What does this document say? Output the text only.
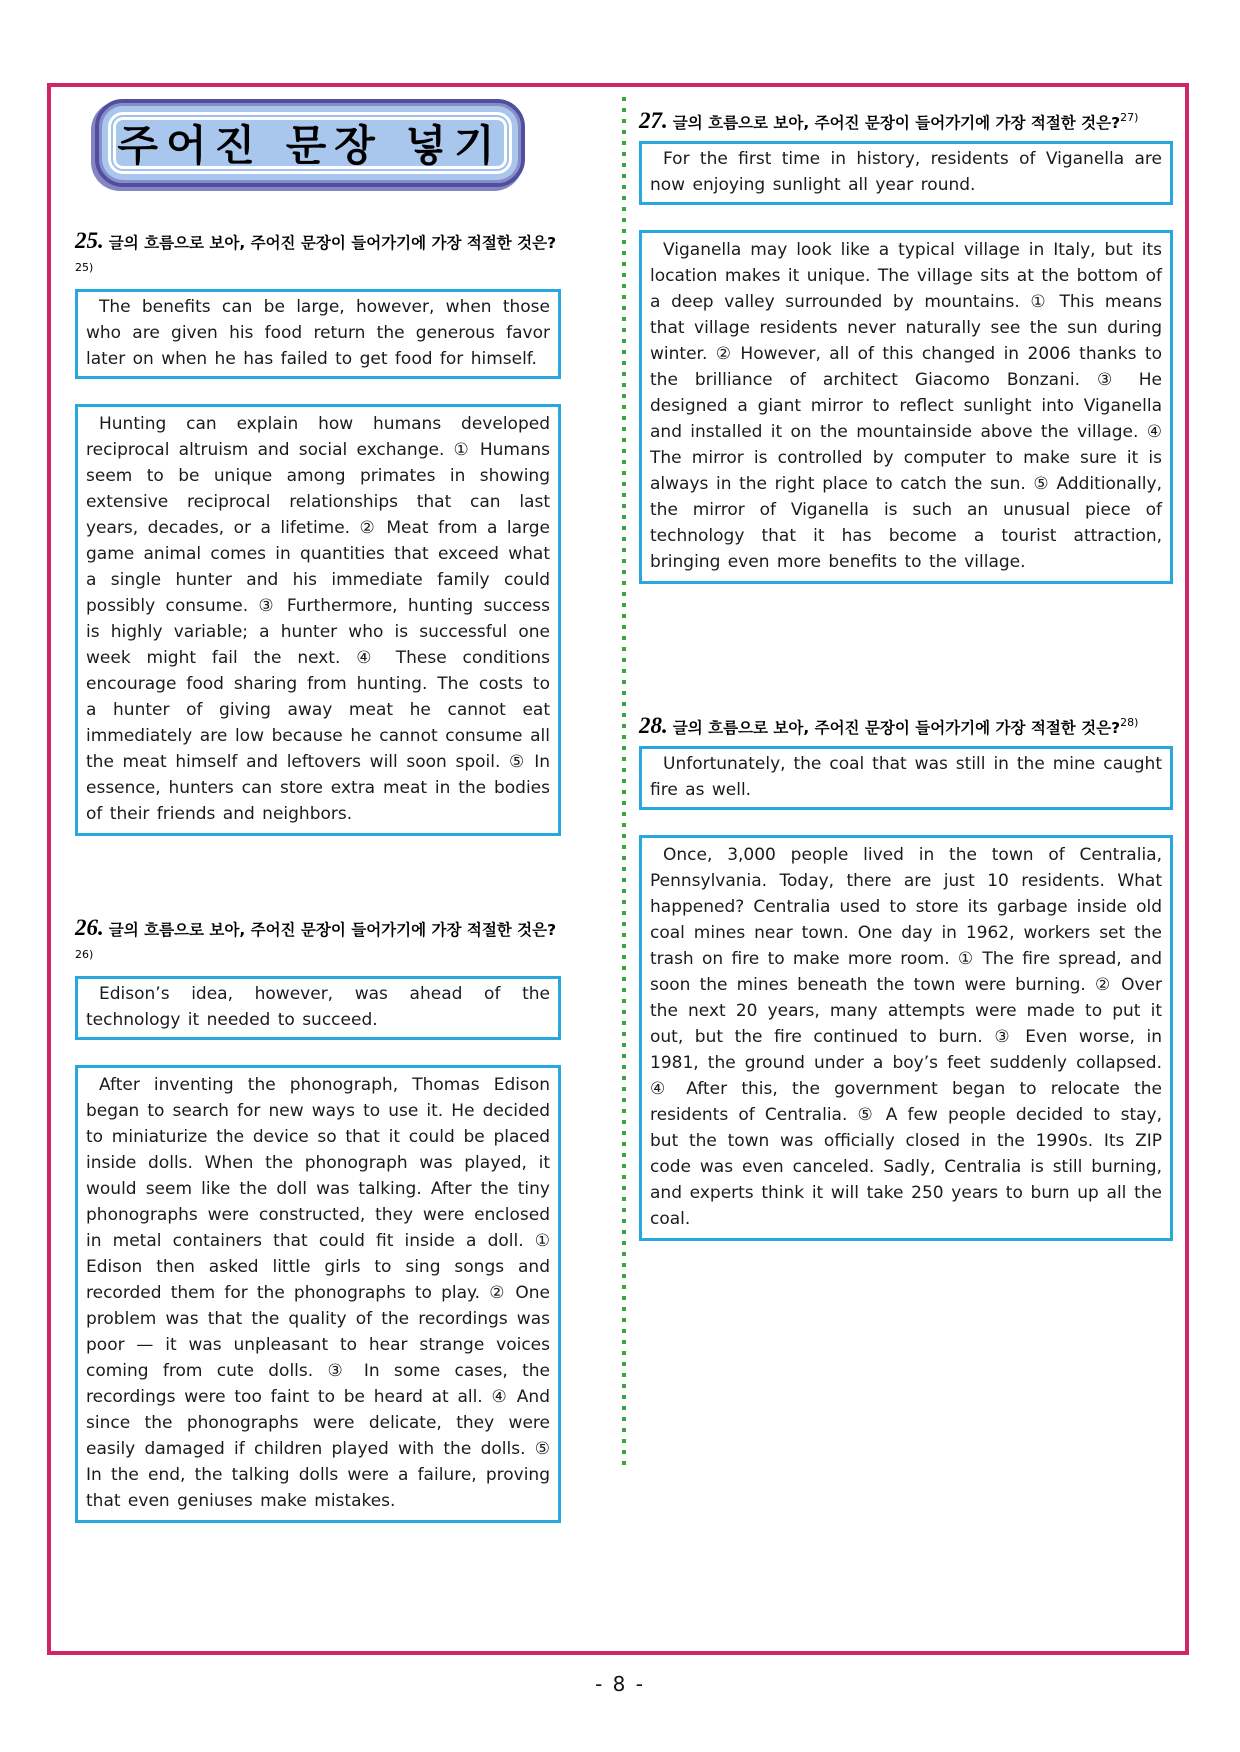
주어진 문장 넣기
25. 글의 흐름으로 보아, 주어진 문장이 들어가기에 가장 적절한 것은?$^{25)}$

The benefits can be large, however, when those who are given his food return the generous favor later on when he has failed to get food for himself.

Hunting can explain how humans developed reciprocal altruism and social exchange. ① Humans seem to be unique among primates in showing extensive reciprocal relationships that can last years, decades, or a lifetime. ② Meat from a large game animal comes in quantities that exceed what a single hunter and his immediate family could possibly consume. ③ Furthermore, hunting success is highly variable; a hunter who is successful one week might fail the next. ④ These conditions encourage food sharing from hunting. The costs to a hunter of giving away meat he cannot eat immediately are low because he cannot consume all the meat himself and leftovers will soon spoil. ⑤ In essence, hunters can store extra meat in the bodies of their friends and neighbors.

26. 글의 흐름으로 보아, 주어진 문장이 들어가기에 가장 적절한 것은?$^{26)}$

Edison’s idea, however, was ahead of the technology it needed to succeed.

After inventing the phonograph, Thomas Edison began to search for new ways to use it. He decided to miniaturize the device so that it could be placed inside dolls. When the phonograph was played, it would seem like the doll was talking. After the tiny phonographs were constructed, they were enclosed in metal containers that could fit inside a doll. ① Edison then asked little girls to sing songs and recorded them for the phonographs to play. ② One problem was that the quality of the recordings was poor — it was unpleasant to hear strange voices coming from cute dolls. ③ In some cases, the recordings were too faint to be heard at all. ④ And since the phonographs were delicate, they were easily damaged if children played with the dolls. ⑤ In the end, the talking dolls were a failure, proving that even geniuses make mistakes.

27. 글의 흐름으로 보아, 주어진 문장이 들어가기에 가장 적절한 것은?$^{27)}$

For the first time in history, residents of Viganella are now enjoying sunlight all year round.

Viganella may look like a typical village in Italy, but its location makes it unique. The village sits at the bottom of a deep valley surrounded by mountains. ① This means that village residents never naturally see the sun during winter. ② However, all of this changed in 2006 thanks to the brilliance of architect Giacomo Bonzani. ③ He designed a giant mirror to reflect sunlight into Viganella and installed it on the mountainside above the village. ④ The mirror is controlled by computer to make sure it is always in the right place to catch the sun. ⑤ Additionally, the mirror of Viganella is such an unusual piece of technology that it has become a tourist attraction, bringing even more benefits to the village.

28. 글의 흐름으로 보아, 주어진 문장이 들어가기에 가장 적절한 것은?$^{28)}$

Unfortunately, the coal that was still in the mine caught fire as well.

Once, 3,000 people lived in the town of Centralia, Pennsylvania. Today, there are just 10 residents. What happened? Centralia used to store its garbage inside old coal mines near town. One day in 1962, workers set the trash on fire to make more room. ① The fire spread, and soon the mines beneath the town were burning. ② Over the next 20 years, many attempts were made to put it out, but the fire continued to burn. ③ Even worse, in 1981, the ground under a boy’s feet suddenly collapsed. ④ After this, the government began to relocate the residents of Centralia. ⑤ A few people decided to stay, but the town was officially closed in the 1990s. Its ZIP code was even canceled. Sadly, Centralia is still burning, and experts think it will take 250 years to burn up all the coal.

- 8 -
